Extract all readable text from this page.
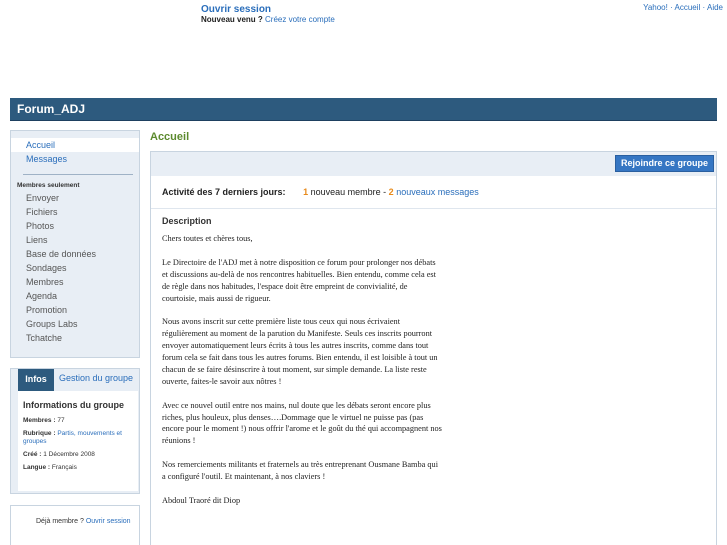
Ouvrir session
Nouveau venu ? Créez votre compte
Yahoo! · Accueil · Aide
Forum_ADJ
Accueil
Messages
Membres seulement
Envoyer
Fichiers
Photos
Liens
Base de données
Sondages
Membres
Agenda
Promotion
Groups Labs
Tchatche
Infos	Gestion du groupe
Informations du groupe
Membres : 77
Rubrique : Partis, mouvements et groupes
Créé : 1 Décembre 2008
Langue : Français
Déjà membre ? Ouvrir session
Accueil
Rejoindre ce groupe
Activité des 7 derniers jours: 1 nouveau membre - 2 nouveaux messages
Description

Chers toutes et chères tous,

Le Directoire de l'ADJ met à notre disposition ce forum pour prolonger nos débats et discussions au-delà de nos rencontres habituelles. Bien entendu, comme cela est de règle dans nos habitudes, l'espace doit être empreint de convivialité, de courtoisie, mais aussi de rigueur.

Nous avons inscrit sur cette première liste tous ceux qui nous écrivaient régulièrement au moment de la parution du Manifeste. Seuls ces inscrits pourront envoyer automatiquement leurs écrits à tous les autres inscrits, comme dans tout forum cela se fait dans tous les autres forums. Bien entendu, il est loisible à tout un chacun de se faire désinscrire à tout moment, sur simple demande. La liste reste ouverte, faites-le savoir aux nôtres !

Avec ce nouvel outil entre nos mains, nul doute que les débats seront encore plus riches, plus houleux, plus denses….Dommage que le virtuel ne puisse pas (pas encore pour le moment !) nous offrir l'arome et le goût du thé qui accompagnent nos réunions !

Nos remerciements militants et fraternels au très entreprenant Ousmane Bamba qui a configuré l'outil. Et maintenant, à nos claviers !

Abdoul Traoré dit Diop
